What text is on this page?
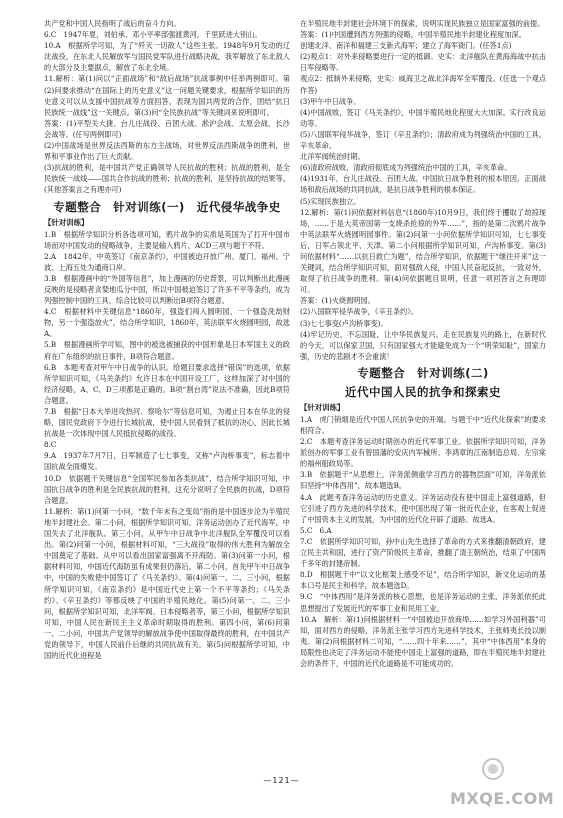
共产党和中国人民指明了战后的奋斗方向。
6.C　1947年夏，刘伯承、邓小平率部强渡黄河，千里跃进大别山。
10.A　根据所学可知，为了“歼灭一切敌人”这些主张。1948年9月发动的辽沈战役，在东北人民解放军与国民党军队进行战略决战，我军解放了东北敌人的大部分及主要据点，解放了东北全境。
11.解析：第(1)问以“正面战场”和“敌后战场”抗战事例中任举两例即可。第(2)问要求推动“在国际上的历史意义”这一问题关键要求，根据所学知识的历史意义可以从支援中国抗战等方面回答，表现为国共两党的合作，团结“抗日民族统一战线”这一关键点。第(3)问“全民族抗战”等关键词来说明即可。
答案：(1)平型关大捷、台儿庄战役、百团大战、淞沪会战、太原会战、长沙会战等。(任写两例即可)
(2)中国战场是世界反法西斯的东方主战场，对世界反法西斯战争的胜利，世界和平事业作出了巨大贡献。
(3)抗战的胜利，是中国共产党正确领导人民抗战的胜利；抗战的胜利，是全民族统一战线——国共合作抗战的胜利；抗战的胜利，是坚持抗战的结果等。(其他答案言之有理亦可)
专题整合　针对训练(一)　近代侵华战争史
【针对训练】
1.B　根据所学知识分析各选项可知，鸦片战争的实质是英国为了打开中国市场而对中国发动的侵略战争，主要是输入鸦片，ACD三项与题干不符。
2.A　1842年，中英签订《南京条约》，中国被迫开放广州、厦门、福州、宁波、上海五处为通商口岸。
3.B　根据漫画中的“外国等信息”，加上漫画的历史背景，可以判断出此漫画反映的是侵略者贪婪地瓜分中国，所以中国被迫签订了许多不平等条约，成为列强控制中国的工具，综合比较可以判断出B项符合题意。
4.C　根据材料中关键信息“1860年，强盗们闯入圆明园，一个强盗洗劫财物，另一个强盗放火”，结合所学知识，1860年，英法联军火烧圆明园，故选A。
5.B　根据漫画所学可知，图中的被选被捕获的中国形象是日本军国主义的政府在广东组织的抗日事件，B项符合题意。
6.B　本题考查对甲午中日战争的认识。给题目要求选择“错误”的选项，依据所学知识可知，《马关条约》允许日本在中国开设工厂，这样加深了对中国的经济侵略，A、C、D三项都是正确的。B项“割台湾”说法不准确，因此B项符合题意。
7.B　根据“日本大举进攻热河、察哈尔”等信息可知，为遏止日本在华北的侵略，国民党政府下令进行长城抗战，使中国人民看到了抵抗的决心，因此长城抗战是一次体现中国人民抵抗侵略的战役。
8.C
9.A　1937年7月7日，日军制造了七七事变，又称“卢沟桥事变”，标志着中国抗战全面爆发。
10.D　依据题干关键信息“全国军民参加各类抗战”，结合所学知识可知，中国抗日战争的胜利是全民族抗战的胜利，这充分说明了全民族的抗战，D项符合题意。
11.解析：第(1)问第一小问，“数千年未有之变局”指的是中国逐步沦为半殖民地半封建社会。第二小问，根据所学知识可知，洋务运动创办了近代海军，中国失去了北洋舰队。第三小问，从甲午中日战争中北洋舰队全军覆没可以看出。第(2)问第一小问，根据材料可知，“三大战役”取得的伟大胜利为解放全中国奠定了基础。从中可以看出国家富强离不开海防。第(3)问第一小问，根据材料可知，中国近代海防虽有成果但仍落后。第二小问，首先甲午中日战争中，中国的失败使中国签订了《马关条约》。第(4)问第一、二、三小问，根据所学知识可知，《南京条约》是中国近代史上第一个不平等条约；《马关条约》、《辛丑条约》等都反映了中国的半殖民地化。第(5)问第一、二、三小问，根据所学知识可知，北洋军阀、日本侵略者等，第三小问，根据所学知识可知，中国人民在新民主主义革命时期取得的胜利。第四小问，第(6)问第一、二小问，中国共产党领导的解放战争使中国取得最终的胜利，在中国共产党的领导下，中国人民前仆后继的共同抗战有关。第(5)问根据所学可知，中国的近代化进程是
在半殖民地半封建社会环境下的探索，说明实现民族独立是国家富强的前提。
答案：(1)中国遭到西方列强的侵略，中国半殖民地半封建化程度加深。
创建北洋、南洋和福建三支新式海军；建立了海军衙门。(任答1点)
(2)观点1：对外来侵略要进行一定的抵御。史实：北洋舰队在黄海海战中抗击日军侵略等。
观点2：抵制外来侵略，史实：威海卫之战北洋海军全军覆没。(任选一个观点作答)
(3)甲午中日战争。
(4)中国战败，签订《马关条约》，中国半殖民地化程度大大加深。实行改良运动等。
(5)八国联军侵华战争，签订《辛丑条约》；清政府成为列强统治中国的工具。辛亥革命。
北洋军阀统治时期。
(6)清政府战败，清政府彻底成为列强统治中国的工具，辛亥革命。
(4)1931年，台儿庄战役、百团大战。中国抗日战争胜利的根本原因，正面战场和敌后战场的共同抗战，是抗日战争胜利的根本保证。
(5)实现民族独立。
12.解析：第(1)问依据材料信息“(1860年)10月9日，我们终于攫取了劫掠现场，……于是大英帝国第一支烧杀抢掠的外军……”，指的是第二次鸦片战争中英法联军火烧圆明园事件。第(2)问第一小问依据所学知识可知，七七事变后，日军占领北平、天津。第二小问根据所学知识可知，卢沟桥事变。第(3)问依据材料“……以抗日救亡为题”，结合所学知识，依据题干“继往开来”这一关键词，结合所学知识可知，面对强敌入侵，中国人民奋起反抗，一致对外，取得了抗日战争的胜利。第(4)问依据题目说明，任意一项回答言之有理即可。
答案：(1)火烧圆明园。
(2)八国联军侵华战争，《辛丑条约》。
(3)七七事变(卢沟桥事变)。
(4)牢记历史，不忘国耻，让中华民族复兴。走在民族复兴的路上，在新时代的今天，可以保家卫国，只有国家强大才能避免成为一个“明荣知耻”，国家力强，历史的悲剧才不会重演！
专题整合　针对训练(二)
近代中国人民的抗争和探索史
【针对训练】
1.A　虎门销烟是近代中国人民抗争史的开端。与题干中“近代化探索”的要求相符合。
2.C　本题考查洋务运动时期创办的近代军事工业。依据所学知识可知，洋务派创办的军事工业有曾国藩的安庆内军械所、李鸿章的江南制造总局、左宗棠的福州船政局等。
3.B　依据题干“从思想上，洋务派侧重学习西方的器物层面”可知，洋务派依旧坚持“中体西用”，故本题选B。
4.A　此题考查洋务运动的历史意义。洋务运动没有使中国走上富强道路，但它引进了西方先进的科学技术，使中国出现了第一批近代企业，在客观上促进了中国资本主义的发展，为中国的近代化开辟了道路。故选A。
5.C　6.A
7.C　依据所学知识可知，孙中山先生选择了革命的方式来推翻清朝政府，建立民主共和国，进行了资产阶级民主革命，推翻了清王朝统治，结束了中国两千多年的封建帝制。
8.D　根据题干中“以文化框架上感受不足”，结合所学知识，新文化运动的基本口号是民主和科学，故本题选D。
9.C　“中体西用”是洋务派的核心思想，也是洋务运动的主张，洋务派依托此思想提出了发展近代的军事工业和民用工业。
10.A　解析：第(1)问根据材料一“中国被迫开放商埠……如学习外国利器”可知，面对西方的侵略，洋务派主张学习西方先进科学技术，主张师夷长技以制夷。第(2)问根据材料二可知，“……四十年来……”，其中“中体西用”本身的局限性也决定了洋务运动不能使中国走上富强的道路，即在半殖民地半封建社会的条件下，中国的近代化道路是不可能成功的。
—121—
MXQE.COM
